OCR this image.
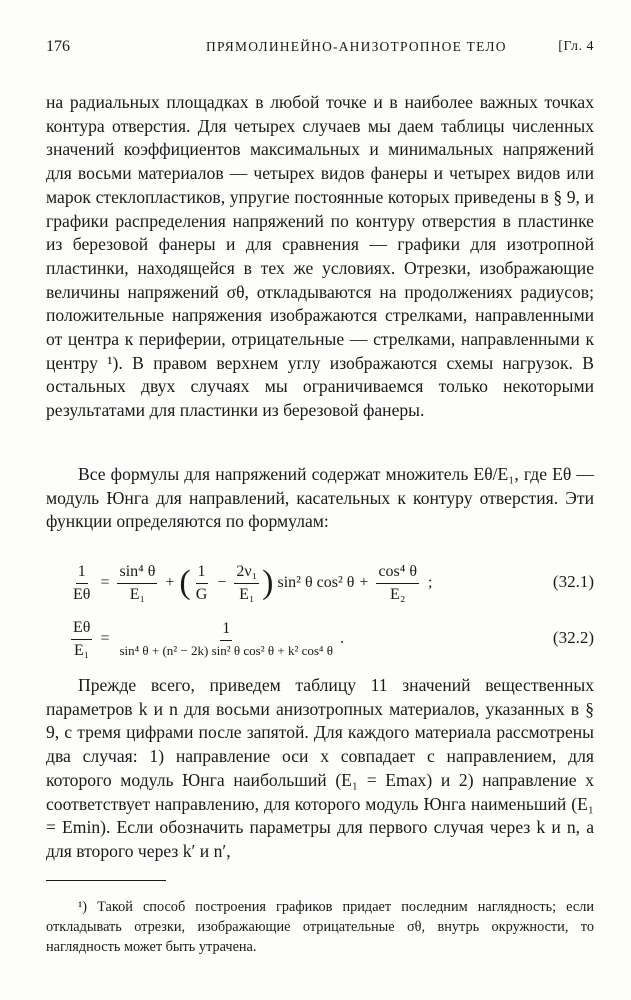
176	ПРЯМОЛИНЕЙНО-АНИЗОТРОПНОЕ ТЕЛО	[Гл. 4

на радиальных площадках в любой точке и в наиболее важных точках контура отверстия. Для четырех случаев мы даем таблицы численных значений коэффициентов максимальных и минимальных напряжений для восьми материалов — четырех видов фанеры и четырех видов или марок стеклопластиков, упругие постоянные которых приведены в § 9, и графики распределения напряжений по контуру отверстия в пластинке из березовой фанеры и для сравнения — графики для изотропной пластинки, находящейся в тех же условиях. Отрезки, изображающие величины напряжений σθ, откладываются на продолжениях радиусов; положительные напряжения изображаются стрелками, направленными от центра к периферии, отрицательные — стрелками, направленными к центру ¹). В правом верхнем углу изображаются схемы нагрузок. В остальных двух случаях мы ограничиваемся только некоторыми результатами для пластинки из березовой фанеры.

Все формулы для напряжений содержат множитель Eθ/E₁, где Eθ — модуль Юнга для направлений, касательных к контуру отверстия. Эти функции определяются по формулам:

$\frac{1}{E\theta} = \frac{\text{sin⁴ θ}}{\text{E₁}}$ + ( $\frac{1}{G} - \frac{\text{2ν₁}}{\text{E₁}}$ ) sin² θ cos² $\theta + \frac{\text{cos⁴ θ}}{\text{E₂}}$ ;	(32.1)
$\frac{E\theta}{\text{E₁}} = \frac{1}{\text{sin⁴ θ + (n² − 2k) sin² θ cos² θ + k² cos⁴ θ}}$ .	(32.2)

Прежде всего, приведем таблицу 11 значений вещественных параметров k и n для восьми анизотропных материалов, указанных в § 9, с тремя цифрами после запятой. Для каждого материала рассмотрены два случая: 1) направление оси x совпадает с направлением, для которого модуль Юнга наибольший (E₁ = Emax) и 2) направление x соответствует направлению, для которого модуль Юнга наименьший (E₁ = Emin). Если обозначить параметры для первого случая через k и n, а для второго через k′ и n′,

¹) Такой способ построения графиков придает последним наглядность; если откладывать отрезки, изображающие отрицательные σθ, внутрь окружности, то наглядность может быть утрачена.
